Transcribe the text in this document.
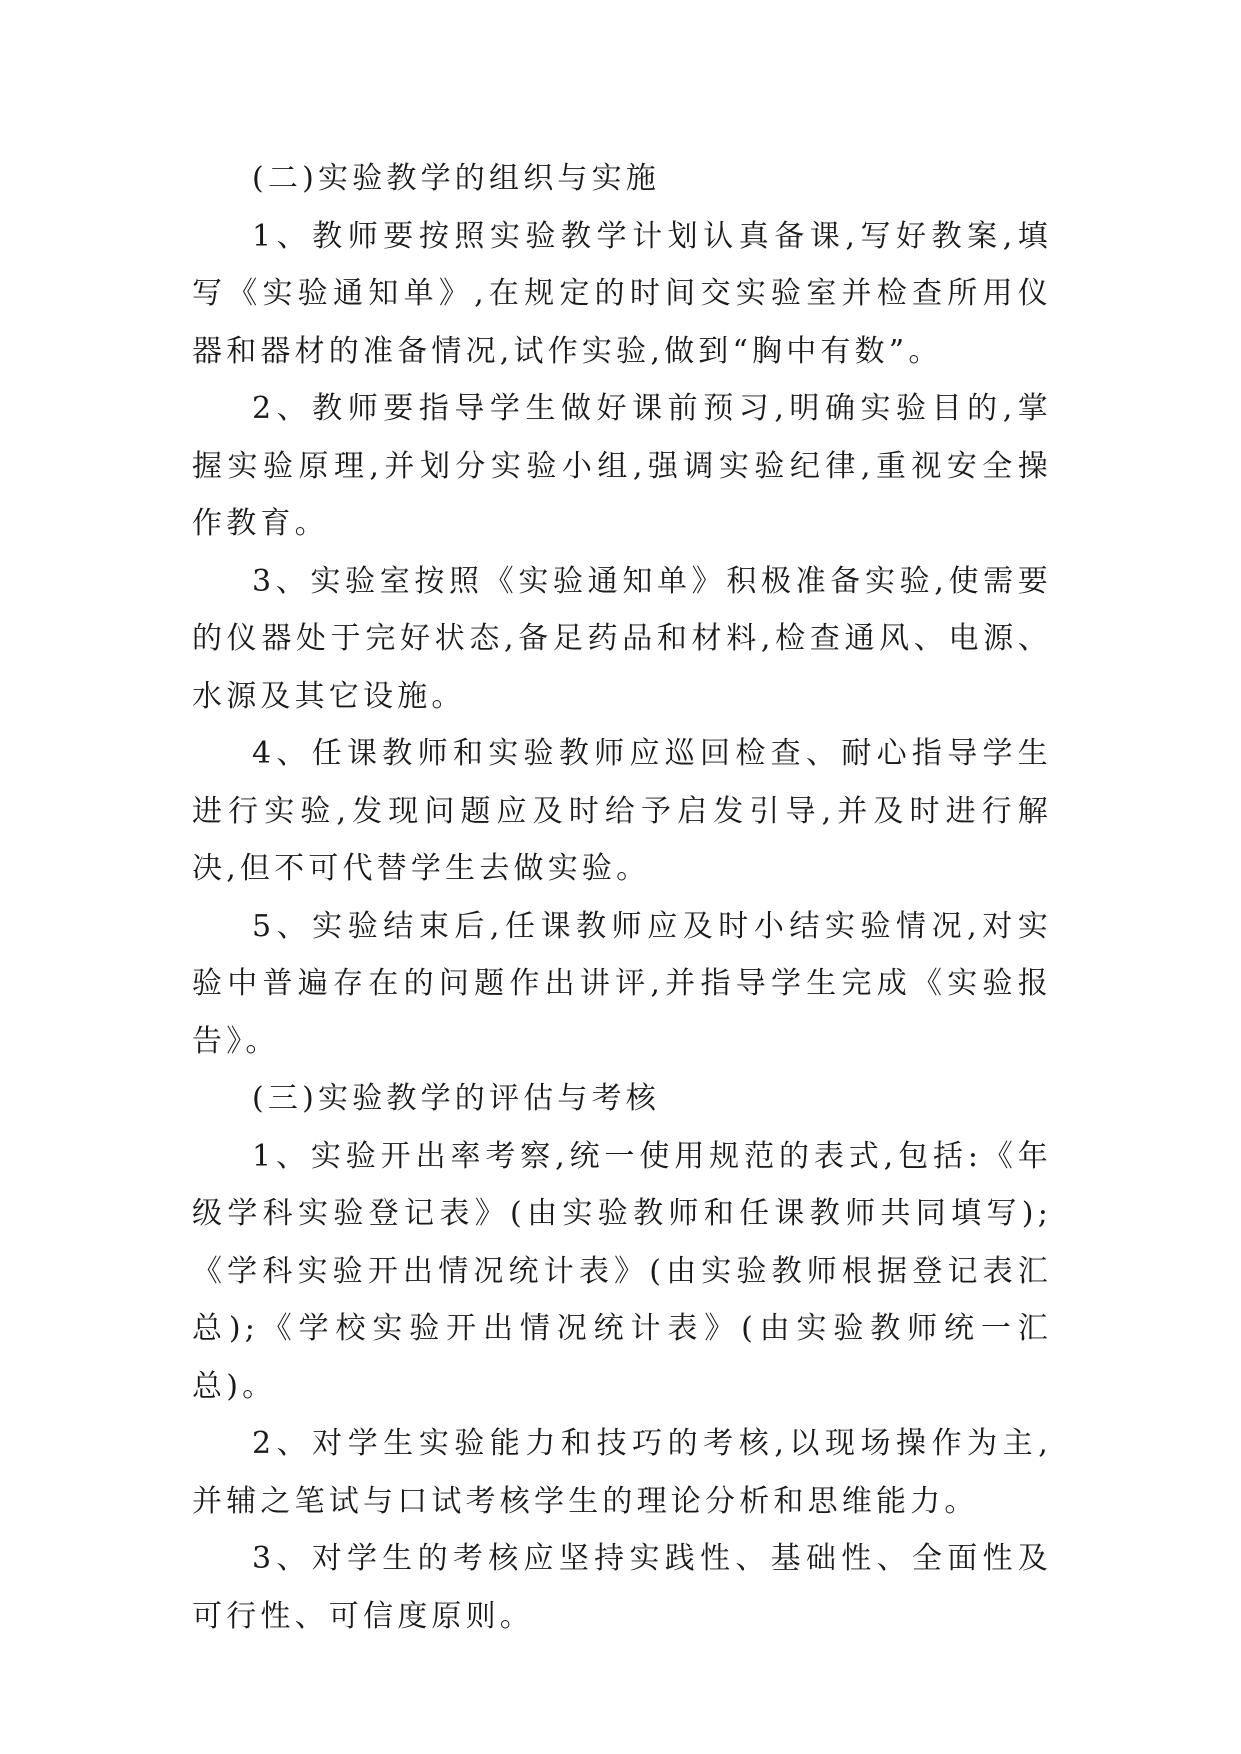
(二)实验教学的组织与实施

1、教师要按照实验教学计划认真备课,写好教案,填写《实验通知单》,在规定的时间交实验室并检查所用仪器和器材的准备情况,试作实验,做到“胸中有数”。

2、教师要指导学生做好课前预习,明确实验目的,掌握实验原理,并划分实验小组,强调实验纪律,重视安全操作教育。

3、实验室按照《实验通知单》积极准备实验,使需要的仪器处于完好状态,备足药品和材料,检查通风、电源、水源及其它设施。

4、任课教师和实验教师应巡回检查、耐心指导学生进行实验,发现问题应及时给予启发引导,并及时进行解决,但不可代替学生去做实验。

5、实验结束后,任课教师应及时小结实验情况,对实验中普遍存在的问题作出讲评,并指导学生完成《实验报告》。

(三)实验教学的评估与考核

1、实验开出率考察,统一使用规范的表式,包括:《年级学科实验登记表》(由实验教师和任课教师共同填写);《学科实验开出情况统计表》(由实验教师根据登记表汇总);《学校实验开出情况统计表》(由实验教师统一汇总)。

2、对学生实验能力和技巧的考核,以现场操作为主,并辅之笔试与口试考核学生的理论分析和思维能力。

3、对学生的考核应坚持实践性、基础性、全面性及可行性、可信度原则。
